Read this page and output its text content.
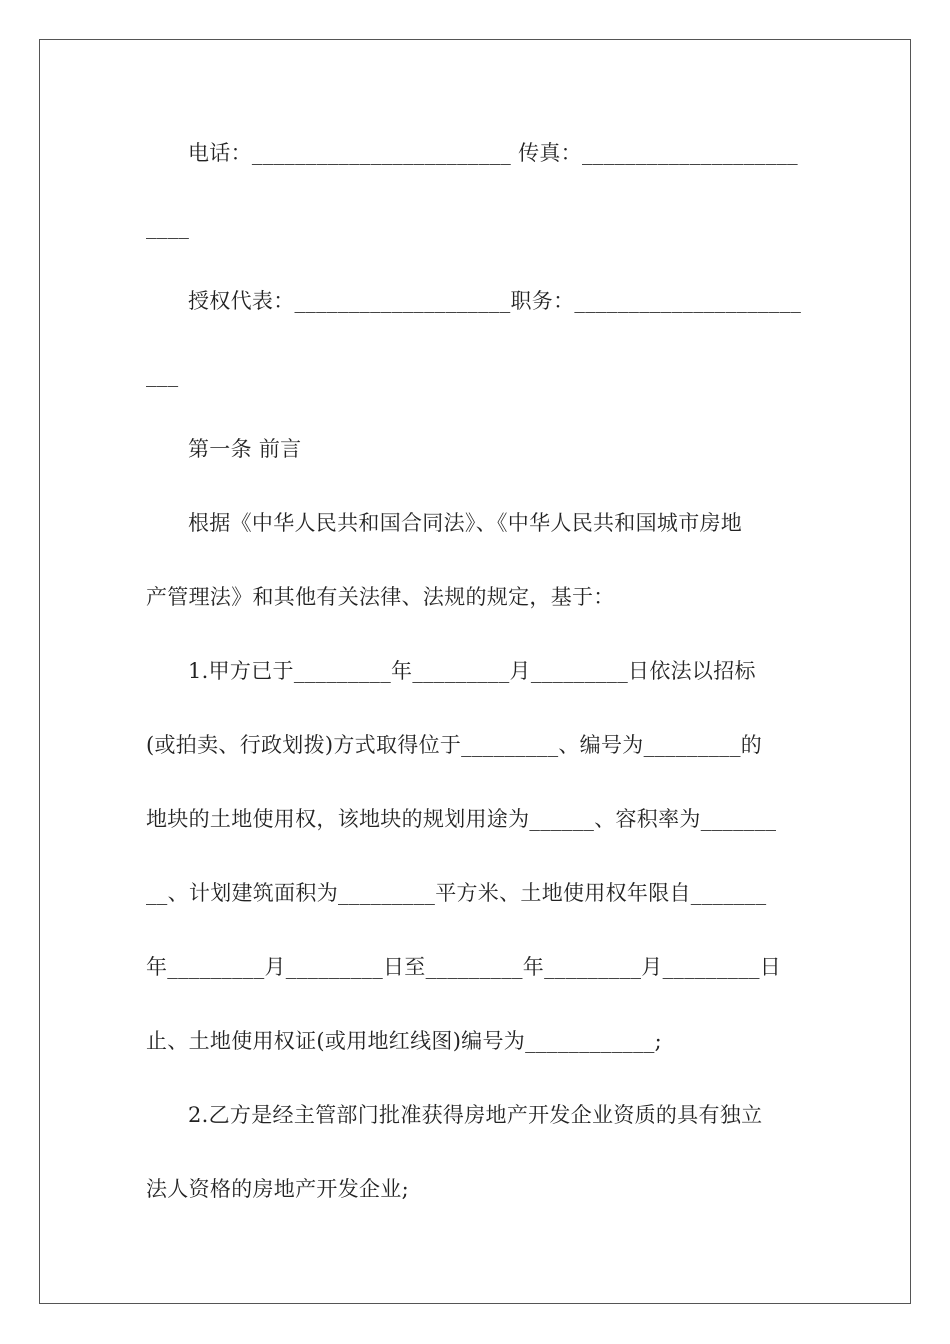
电话：________________________ 传真：____________________
____
授权代表：____________________职务：_____________________
___
第一条 前言
根据《中华人民共和国合同法》、《中华人民共和国城市房地
产管理法》和其他有关法律、法规的规定，基于：
1.甲方已于_________年_________月_________日依法以招标
(或拍卖、行政划拨)方式取得位于_________、编号为_________的
地块的土地使用权，该地块的规划用途为______、容积率为_______
__、计划建筑面积为_________平方米、土地使用权年限自_______
年_________月_________日至_________年_________月_________日
止、土地使用权证(或用地红线图)编号为____________;
2.乙方是经主管部门批准获得房地产开发企业资质的具有独立
法人资格的房地产开发企业;
